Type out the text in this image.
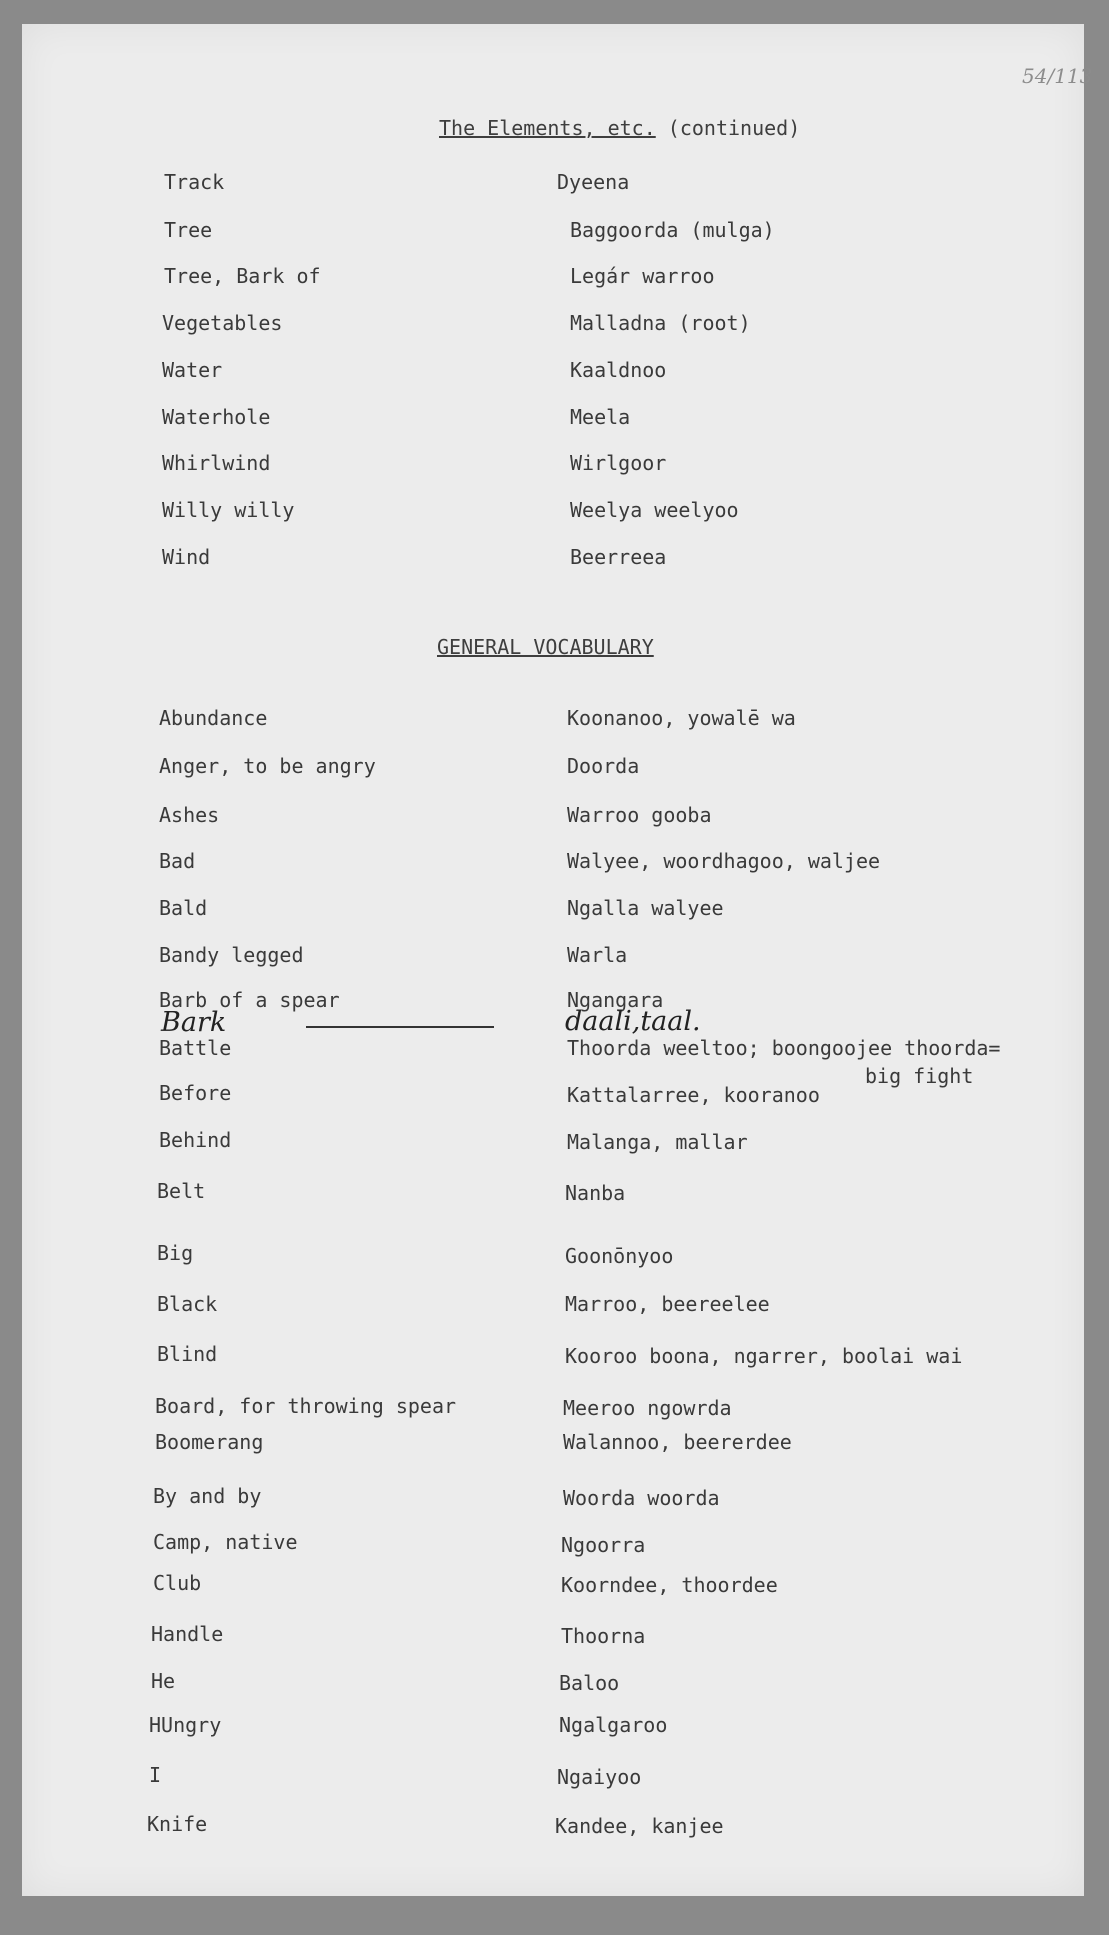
54/113
The Elements, etc. (continued)
Track	Dyeena
Tree	Baggoorda (mulga)
Tree, Bark of	Legár warroo
Vegetables	Malladna (root)
Water	Kaaldnoo
Waterhole	Meela
Whirlwind	Wirlgoor
Willy willy	Weelya weelyoo
Wind	Beerreea
GENERAL VOCABULARY
Abundance	Koonanoo, yowalē wa
Anger, to be angry	Doorda
Ashes	Warroo gooba
Bad	Walyee, woordhagoo, waljee
Bald	Ngalla walyee
Bandy legged	Warla
Barb of a spear	Ngangara
Bark	daali,taal.
Battle	Thoorda weeltoo; boongoojee thoorda=
big fight
Before	Kattalarree, kooranoo
Behind	Malanga, mallar
Belt	Nanba
Big	Goonōnyoo
Black	Marroo, beereelee
Blind	Kooroo boona, ngarrer, boolai wai
Board, for throwing spear	Meeroo ngowrda
Boomerang	Walannoo, beererdee
By and by	Woorda woorda
Camp, native	Ngoorra
Club	Koorndee, thoordee
Handle	Thoorna
He	Baloo
HUngry	Ngalgaroo
I	Ngaiyoo
Knife	Kandee, kanjee
